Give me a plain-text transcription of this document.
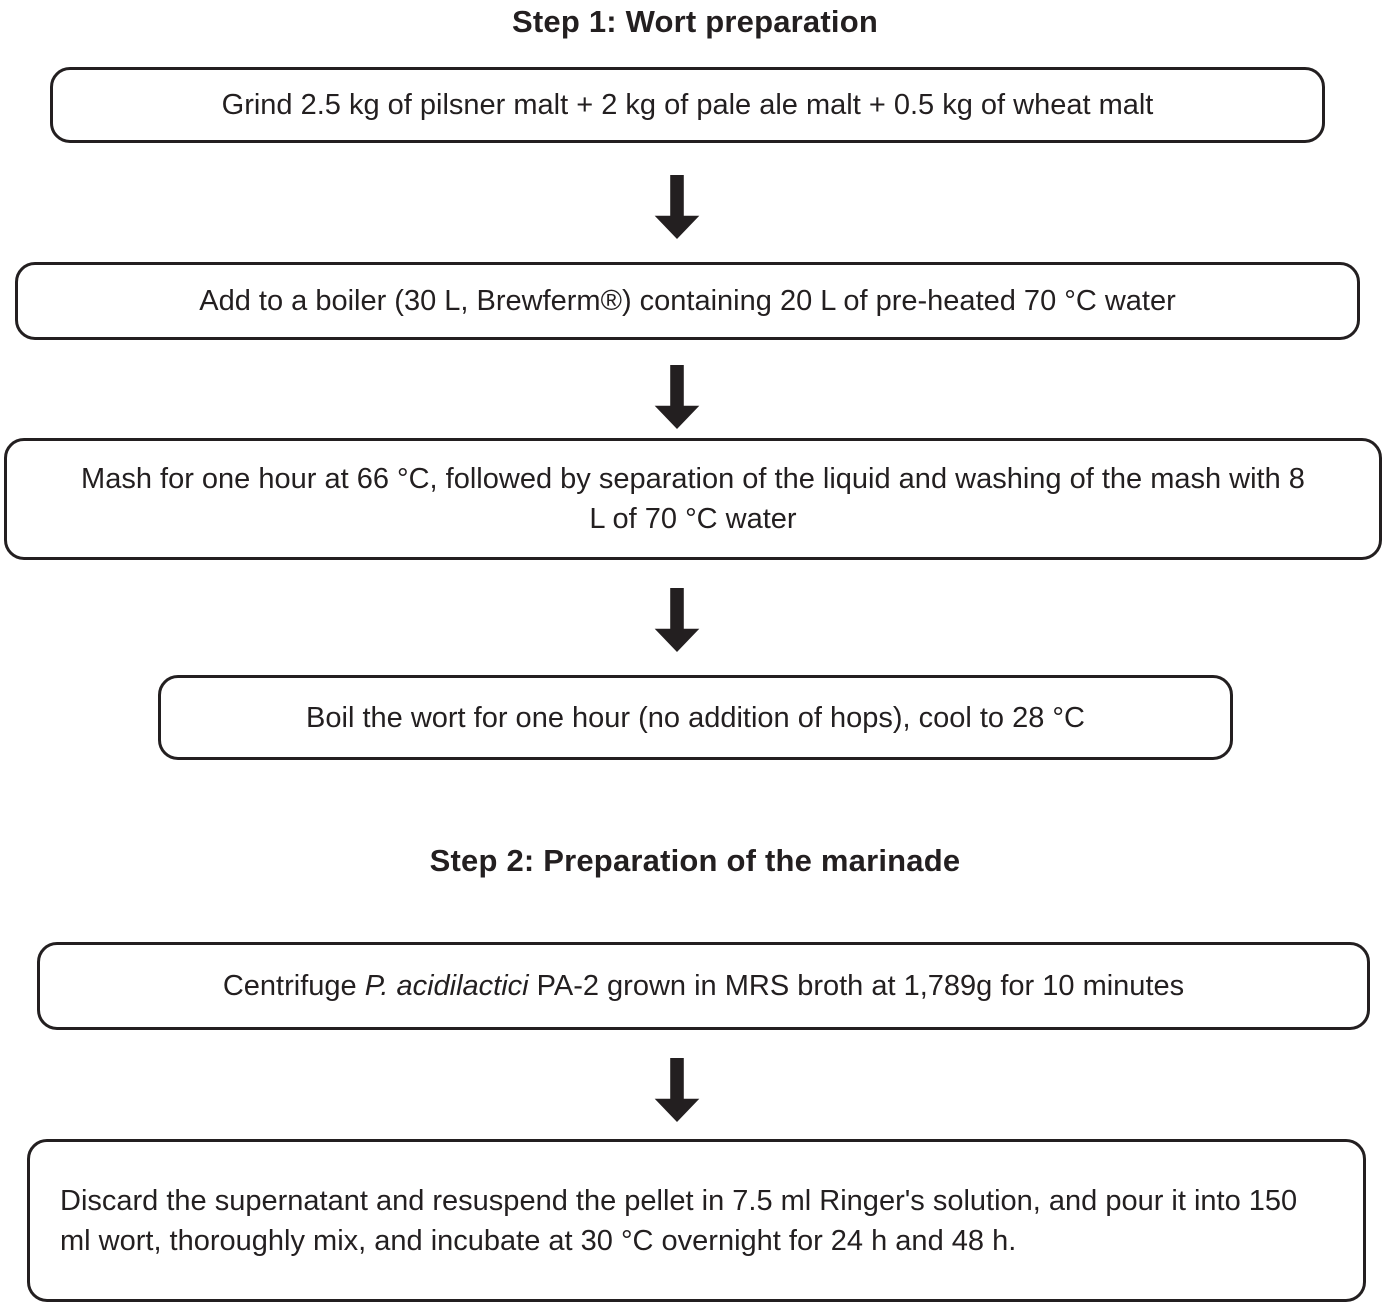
Step 1: Wort preparation
Grind 2.5 kg of pilsner malt + 2 kg of pale ale malt + 0.5 kg of wheat malt
Add to a boiler (30 L, Brewferm®) containing 20 L of pre-heated 70 °C water
Mash for one hour at 66 °C, followed by separation of the liquid and washing of the mash with 8 L of 70 °C water
Boil the wort for one hour (no addition of hops), cool to 28 °C
Step 2: Preparation of the marinade
Centrifuge P. acidilactici PA-2 grown in MRS broth at 1,789g for 10 minutes
Discard the supernatant and resuspend the pellet in 7.5 ml Ringer's solution, and pour it into 150 ml wort, thoroughly mix, and incubate at 30 °C overnight for 24 h and 48 h.
